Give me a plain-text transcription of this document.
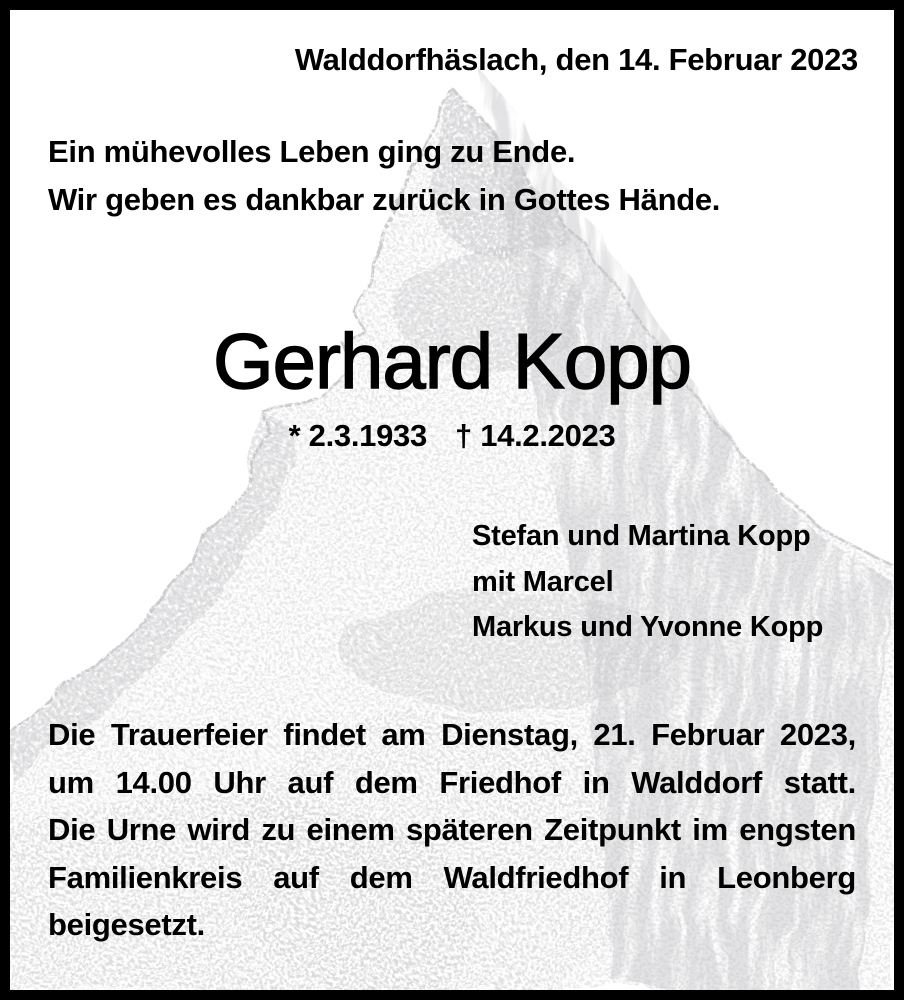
Walddorfhäslach, den 14. Februar 2023
Ein mühevolles Leben ging zu Ende.
Wir geben es dankbar zurück in Gottes Hände.
Gerhard Kopp
* 2.3.1933 † 14.2.2023
Stefan und Martina Kopp
mit Marcel
Markus und Yvonne Kopp
Die Trauerfeier findet am Dienstag, 21. Februar 2023,
um 14.00 Uhr auf dem Friedhof in Walddorf statt.
Die Urne wird zu einem späteren Zeitpunkt im engsten
Familienkreis auf dem Waldfriedhof in Leonberg
beigesetzt.
